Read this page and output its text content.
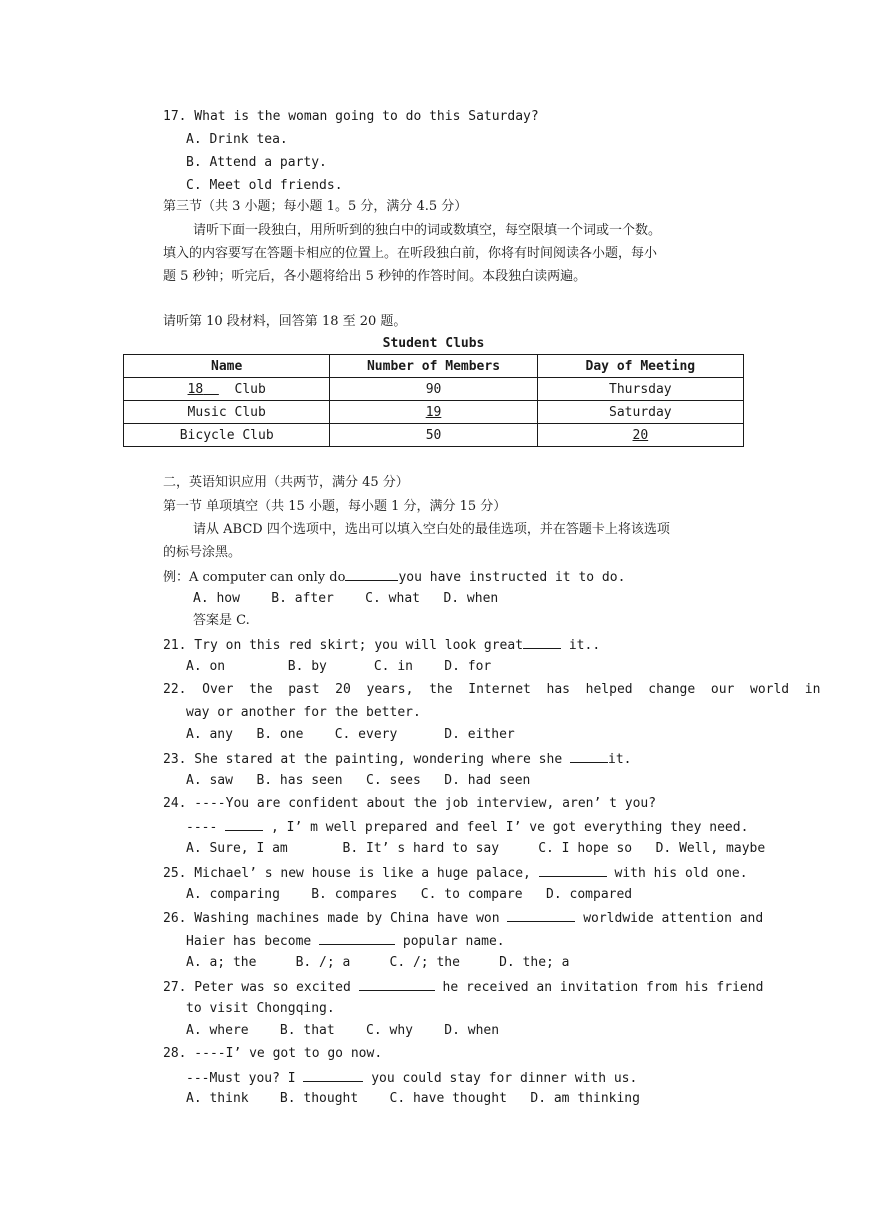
17. What is the woman going to do this Saturday?
A. Drink tea.
B. Attend a party.
C. Meet old friends.
第三节（共 3 小题；每小题 1。5 分，满分 4.5 分）
请听下面一段独白，用所听到的独白中的词或数填空，每空限填一个词或一个数。
填入的内容要写在答题卡相应的位置上。在听段独白前，你将有时间阅读各小题，每小
题 5 秒钟；听完后，各小题将给出 5 秒钟的作答时间。本段独白读两遍。
请听第 10 段材料，回答第 18 至 20 题。
Student Clubs
Name	Number of Members	Day of Meeting
18 Club	90	Thursday
Music Club	19	Saturday
Bicycle Club	50	20
二，英语知识应用（共两节，满分 45 分）
第一节 单项填空（共 15 小题，每小题 1 分，满分 15 分）
请从 ABCD 四个选项中，选出可以填入空白处的最佳选项，并在答题卡上将该选项
的标号涂黑。
例：A computer can only do	you have instructed it to do.
A. how    B. after    C. what   D. when
答案是 C.
21. Try on this red skirt; you will look great	it..
A. on        B. by      C. in    D. for
22.  Over  the  past  20  years,  the  Internet  has  helped  change  our  world  in
way or another for the better.
A. any   B. one    C. every      D. either
23. She stared at the painting, wondering where she	it.
A. saw   B. has seen   C. sees   D. had seen
24. ----You are confident about the job interview, aren’ t you?
----	, I’ m well prepared and feel I’ ve got everything they need.
A. Sure, I am       B. It’ s hard to say     C. I hope so   D. Well, maybe
25. Michael’ s new house is like a huge palace,	with his old one.
A. comparing    B. compares   C. to compare   D. compared
26. Washing machines made by China have won	worldwide attention and
Haier has become	popular name.
A. a; the     B. /; a     C. /; the     D. the; a
27. Peter was so excited	he received an invitation from his friend
to visit Chongqing.
A. where    B. that    C. why    D. when
28. ----I’ ve got to go now.
---Must you? I	you could stay for dinner with us.
A. think    B. thought    C. have thought   D. am thinking
